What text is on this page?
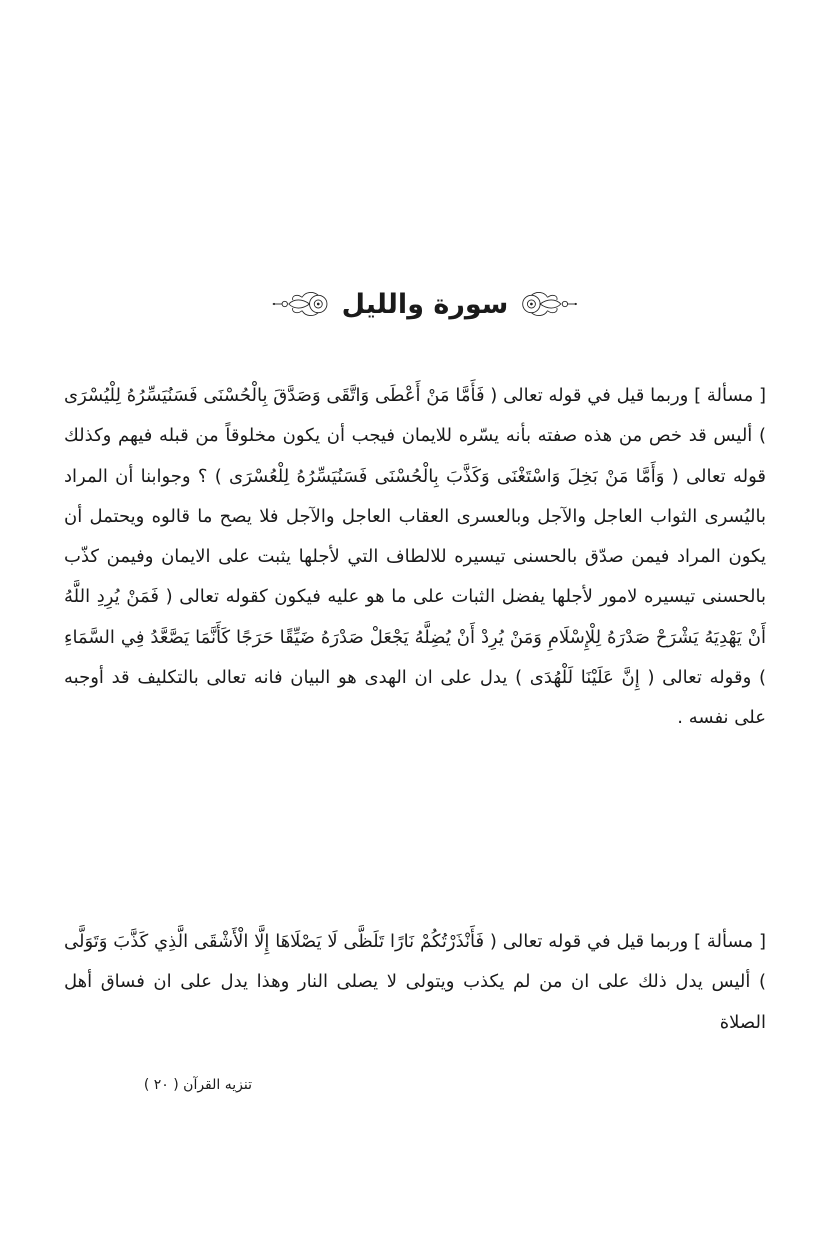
سورة والليل

[ مسألة ] وربما قيل في قوله تعالى ( فَأَمَّا مَنْ أَعْطَى وَاتَّقَى وَصَدَّقَ بِالْحُسْنَى فَسَنُيَسِّرُهُ لِلْيُسْرَى ) أليس قد خص من هذه صفته بأنه يسّره للايمان فيجب أن يكون مخلوقاً من قبله فيهم وكذلك قوله تعالى ( وَأَمَّا مَنْ بَخِلَ وَاسْتَغْنَى وَكَذَّبَ بِالْحُسْنَى فَسَنُيَسِّرُهُ لِلْعُسْرَى ) ؟ وجوابنا أن المراد باليُسرى الثواب العاجل والآجل وبالعسرى العقاب العاجل والآجل فلا يصح ما قالوه ويحتمل أن يكون المراد فيمن صدّق بالحسنى تيسيره للالطاف التي لأجلها يثبت على الايمان وفيمن كذّب بالحسنى تيسيره لامور لأجلها يفضل الثبات على ما هو عليه فيكون كقوله تعالى ( فَمَنْ يُرِدِ اللَّهُ أَنْ يَهْدِيَهُ يَشْرَحْ صَدْرَهُ لِلْإِسْلَامِ وَمَنْ يُرِدْ أَنْ يُضِلَّهُ يَجْعَلْ صَدْرَهُ ضَيِّقًا حَرَجًا كَأَنَّمَا يَصَّعَّدُ فِي السَّمَاءِ ) وقوله تعالى ( إِنَّ عَلَيْنَا لَلْهُدَى ) يدل على ان الهدى هو البيان فانه تعالى بالتكليف قد أوجبه على نفسه .

[ مسألة ] وربما قيل في قوله تعالى ( فَأَنْذَرْتُكُمْ نَارًا تَلَظَّى لَا يَصْلَاهَا إِلَّا الْأَشْقَى الَّذِي كَذَّبَ وَتَوَلَّى ) أليس يدل ذلك على ان من لم يكذب ويتولى لا يصلى النار وهذا يدل على ان فساق أهل الصلاة

تنزيه القرآن ( ٢٠ )
